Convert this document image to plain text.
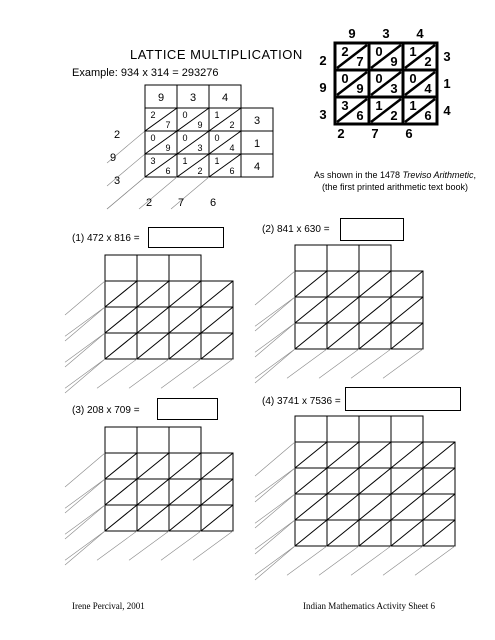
LATTICE MULTIPLICATION
Example: 934 x 314 = 293276
9 3 4
2
7
0
9
1
2 3
0
9
0
3
0
4 1
3
6
1
2
1
6 4
2
9
3
2 7 6
2
7
0
9
1
2
0
9
0
3
0
4
3
6
1
2
1
6
9 3 4
3
1
4
2
9
3
2 7 6
As shown in the 1478 Treviso Arithmetic,
(the first printed arithmetic text book)
(1) 472 x 816 =
(2) 841 x 630 =
(3) 208 x 709 =
(4) 3741 x 7536 =
Irene Percival, 2001	Indian Mathematics Activity Sheet 6
